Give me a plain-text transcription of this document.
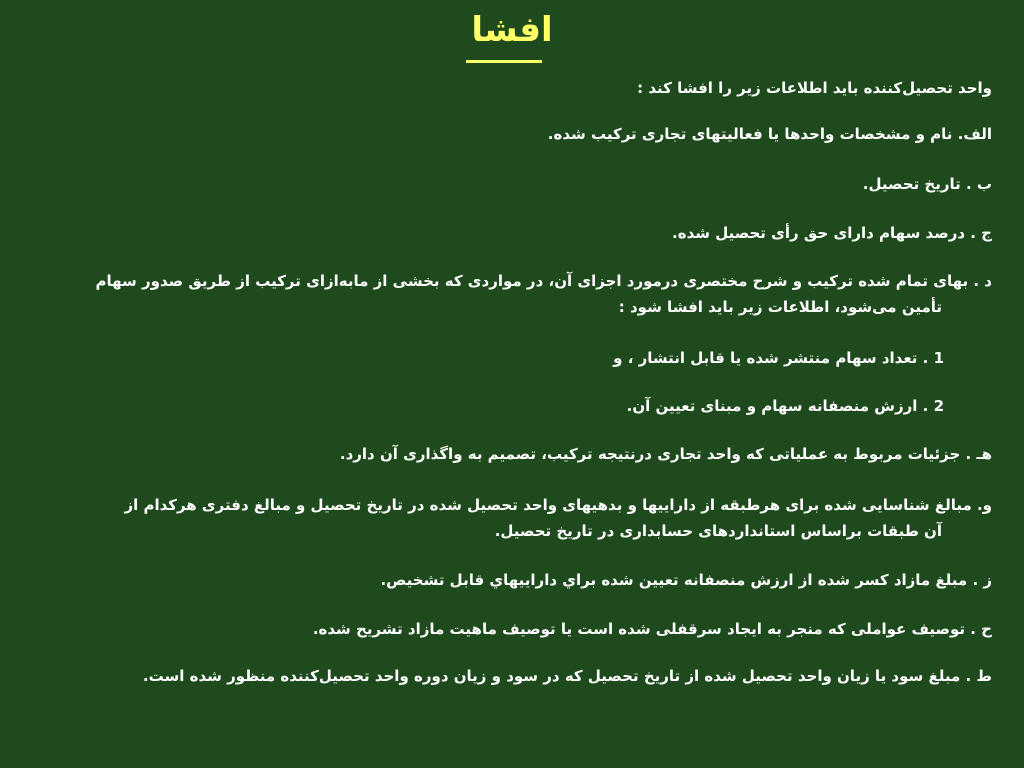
افشا
واحد تحصیل‌کننده باید اطلاعات زیر را افشا کند :
الف. نام و مشخصات واحدها یا فعالیتهای تجاری ترکیب شده.
ب . تاریخ تحصیل.
ج . درصد سهام دارای حق رأی تحصیل شده.
د . بهای تمام شده ترکیب و شرح مختصری درمورد اجزای آن، در مواردی که بخشی از مابه‌ازای ترکیب از طریق صدور سهام
تأمین می‌شود، اطلاعات زیر باید افشا شود :
1 . تعداد سهام منتشر شده یا قابل انتشار ، و
2 . ارزش منصفانه سهام و مبنای تعیین آن.
هـ . جزئیات مربوط به عملیاتی که واحد تجاری درنتیجه ترکیب، تصمیم به واگذاری آن دارد.
و. مبالغ شناسایی شده برای هرطبقه از داراییها و بدهیهای واحد تحصیل شده در تاریخ تحصیل و مبالغ دفتری هرکدام از
آن طبقات براساس استانداردهای حسابداری در تاریخ تحصیل.
ز . مبلغ مازاد کسر شده از ارزش منصفانه تعیین شده براي داراييهاي قابل تشخيص.
ح . توصیف عواملی که منجر به ایجاد سرقفلی شده است یا توصیف ماهیت مازاد تشریح شده.
ط . مبلغ سود یا زیان واحد تحصیل شده از تاریخ تحصیل که در سود و زیان دوره واحد تحصیل‌کننده منظور شده است.
